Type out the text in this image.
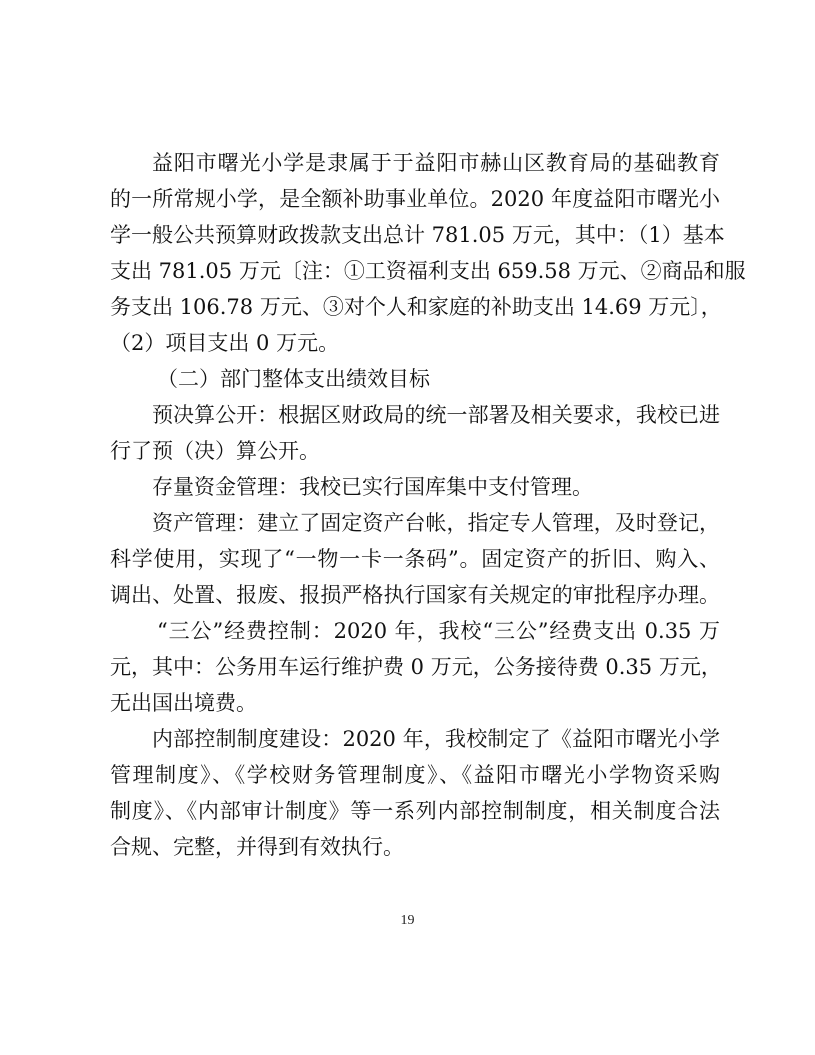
益阳市曙光小学是隶属于于益阳市赫山区教育局的基础教育
的一所常规小学，是全额补助事业单位。2020 年度益阳市曙光小
学一般公共预算财政拨款支出总计 781.05 万元，其中：（1）基本
支出 781.05 万元〔注：①工资福利支出 659.58 万元、②商品和服
务支出 106.78 万元、③对个人和家庭的补助支出 14.69 万元〕，
（2）项目支出 0 万元。
（二）部门整体支出绩效目标
预决算公开：根据区财政局的统一部署及相关要求，我校已进
行了预（决）算公开。
存量资金管理：我校已实行国库集中支付管理。
资产管理：建立了固定资产台帐，指定专人管理，及时登记，
科学使用，实现了“一物一卡一条码”。固定资产的折旧、购入、
调出、处置、报废、报损严格执行国家有关规定的审批程序办理。
“三公”经费控制：2020 年，我校“三公”经费支出 0.35 万
元，其中：公务用车运行维护费 0 万元，公务接待费 0.35 万元，
无出国出境费。
内部控制制度建设：2020 年，我校制定了《益阳市曙光小学
管理制度》、《学校财务管理制度》、《益阳市曙光小学物资采购
制度》、《内部审计制度》等一系列内部控制制度，相关制度合法
合规、完整，并得到有效执行。
19
